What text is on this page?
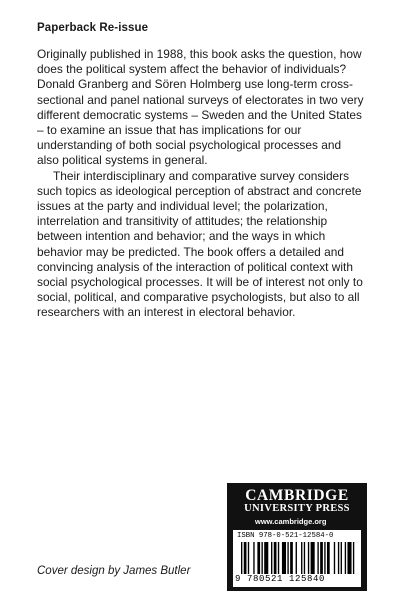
Paperback Re-issue

Originally published in 1988, this book asks the question, how does the political system affect the behavior of individuals? Donald Granberg and Sören Holmberg use long-term cross-sectional and panel national surveys of electorates in two very different democratic systems – Sweden and the United States – to examine an issue that has implications for our understanding of both social psychological processes and also political systems in general.

Their interdisciplinary and comparative survey considers such topics as ideological perception of abstract and concrete issues at the party and individual level; the polarization, interrelation and transitivity of attitudes; the relationship between intention and behavior; and the ways in which behavior may be predicted. The book offers a detailed and convincing analysis of the interaction of political context with social psychological processes. It will be of interest not only to social, political, and comparative psychologists, but also to all researchers with an interest in electoral behavior.

CAMBRIDGE
UNIVERSITY PRESS
www.cambridge.org
ISBN 978-0-521-12584-0
9 780521 125840
Cover design by James Butler
